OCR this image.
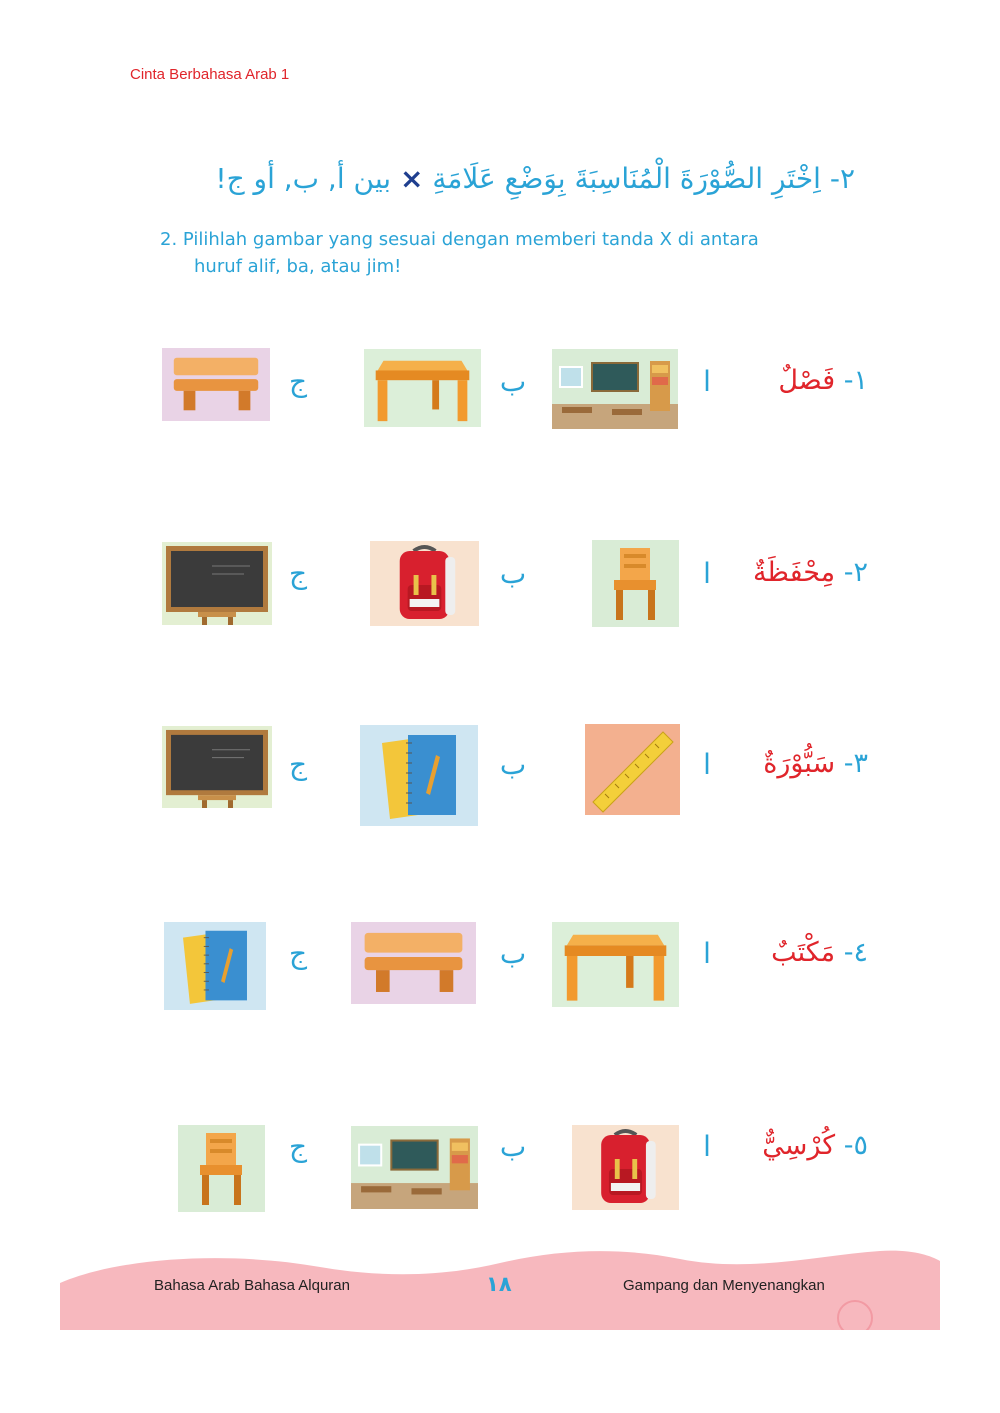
Cinta Berbahasa Arab 1
٢- اِخْتَرِ الصُّوْرَةَ الْمُنَاسِبَةَ بِوَضْعِ عَلَامَةِ × بين أ, ب, أو ج!
2. Pilihlah gambar yang sesuai dengan memberi tanda X di antara
huruf alif, ba, atau jim!
١- فَصْلٌ
ا
ب
ج
٢- مِحْفَظَةٌ
ا
ب
ج
٣- سَبُّوْرَةٌ
ا
ب
ج
٤- مَكْتَبٌ
ا
ب
ج
٥- كُرْسِيٌّ
ا
ب
ج
Bahasa Arab Bahasa Alquran	١٨	Gampang dan Menyenangkan
